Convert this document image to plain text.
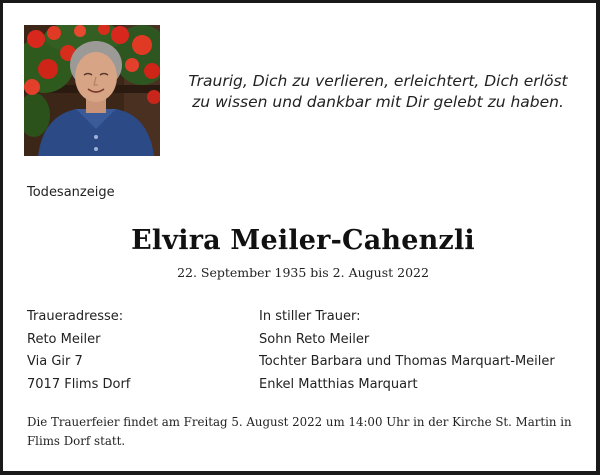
Traurig, Dich zu verlieren, erleichtert, Dich erlöst
zu wissen und dankbar mit Dir gelebt zu haben.
Todesanzeige
Elvira Meiler-Cahenzli
22. September 1935 bis 2. August 2022
Traueradresse:
Reto Meiler
Via Gir 7
7017 Flims Dorf
In stiller Trauer:
Sohn Reto Meiler
Tochter Barbara und Thomas Marquart-Meiler
Enkel Matthias Marquart
Die Trauerfeier findet am Freitag 5. August 2022 um 14:00 Uhr in der Kirche St. Martin in Flims Dorf statt.
